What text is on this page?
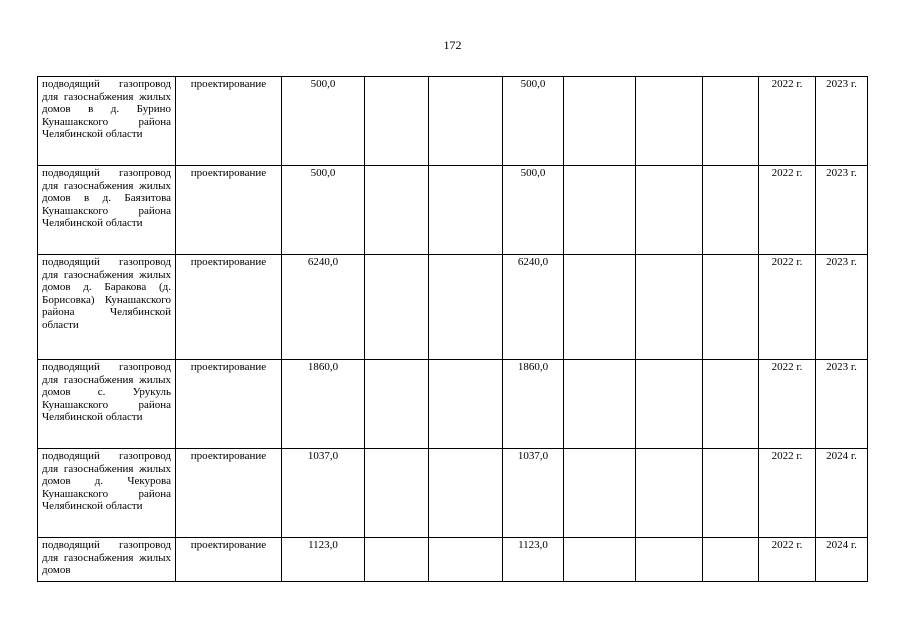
172
подводящий газопровод для газоснабжения жилых домов в д. Бурино Кунашакского района Челябинской области	проектирование	500,0			500,0				2022 г.	2023 г.
подводящий газопровод для газоснабжения жилых домов в д. Баязитова Кунашакского района Челябинской области	проектирование	500,0			500,0				2022 г.	2023 г.
подводящий газопровод для газоснабжения жилых домов д. Баракова (д. Борисовка) Кунашакского района Челябинской области	проектирование	6240,0			6240,0				2022 г.	2023 г.
подводящий газопровод для газоснабжения жилых домов с. Урукуль Кунашакского района Челябинской области	проектирование	1860,0			1860,0				2022 г.	2023 г.
подводящий газопровод для газоснабжения жилых домов д. Чекурова Кунашакского района Челябинской области	проектирование	1037,0			1037,0				2022 г.	2024 г.
подводящий газопровод для газоснабжения жилых домов	проектирование	1123,0			1123,0				2022 г.	2024 г.
